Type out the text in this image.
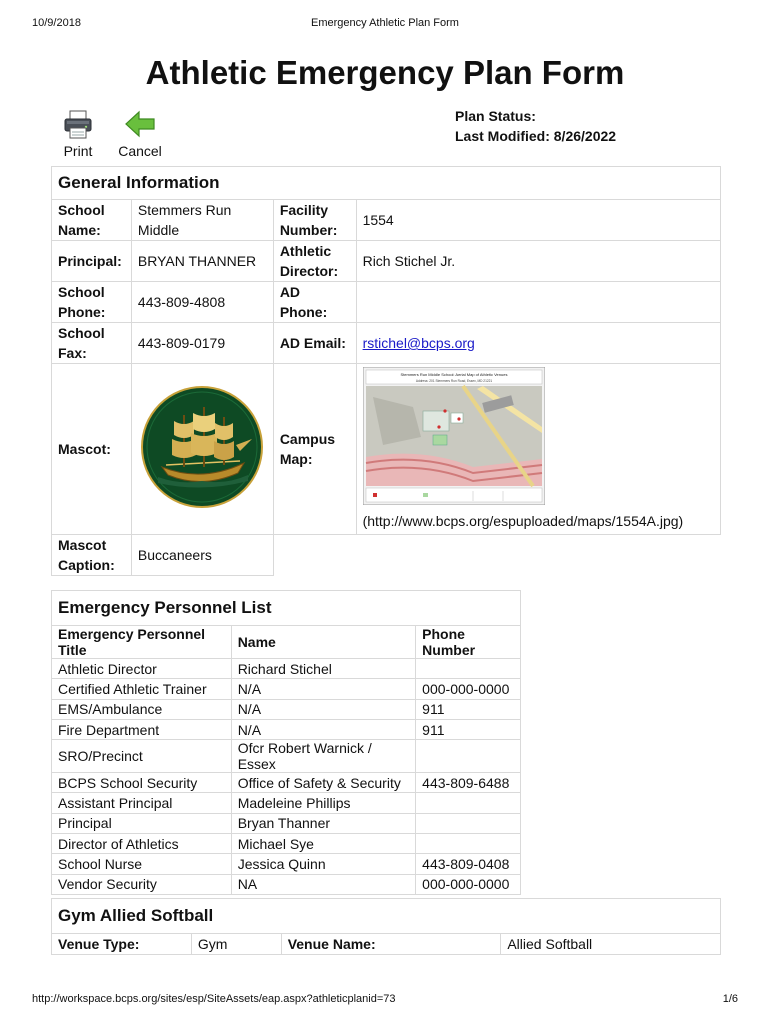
10/9/2018	Emergency Athletic Plan Form
Athletic Emergency Plan Form
Print	Cancel
Plan Status:
Last Modified: 8/26/2022
General Information			
School Name:	Stemmers Run Middle	Facility Number:	1554
Principal:	BRYAN THANNER	Athletic Director:	Rich Stichel Jr.
School Phone:	443-809-4808	AD Phone:	
School Fax:	443-809-0179	AD Email:	rstichel@bcps.org
Mascot:		Campus Map:	Stemmers Run Middle School: Aerial Map of Athletic Venues
Address: 201 Stemmers Run Road, Essex, MD 21221
(http://www.bcps.org/espuploaded/maps/1554A.jpg)

Mascot Caption:	Buccaneers		
Emergency Personnel List		
Emergency Personnel Title	Name	Phone Number
Athletic Director	Richard Stichel	
Certified Athletic Trainer	N/A	000-000-0000
EMS/Ambulance	N/A	911
Fire Department	N/A	911
SRO/Precinct	Ofcr Robert Warnick / Essex	
BCPS School Security	Office of Safety & Security	443-809-6488
Assistant Principal	Madeleine Phillips	
Principal	Bryan Thanner	
Director of Athletics	Michael Sye	
School Nurse	Jessica Quinn	443-809-0408
Vendor Security	NA	000-000-0000
Gym Allied Softball
Venue Type:	Gym	Venue Name:	Allied Softball
http://workspace.bcps.org/sites/esp/SiteAssets/eap.aspx?athleticplanid=73	1/6
